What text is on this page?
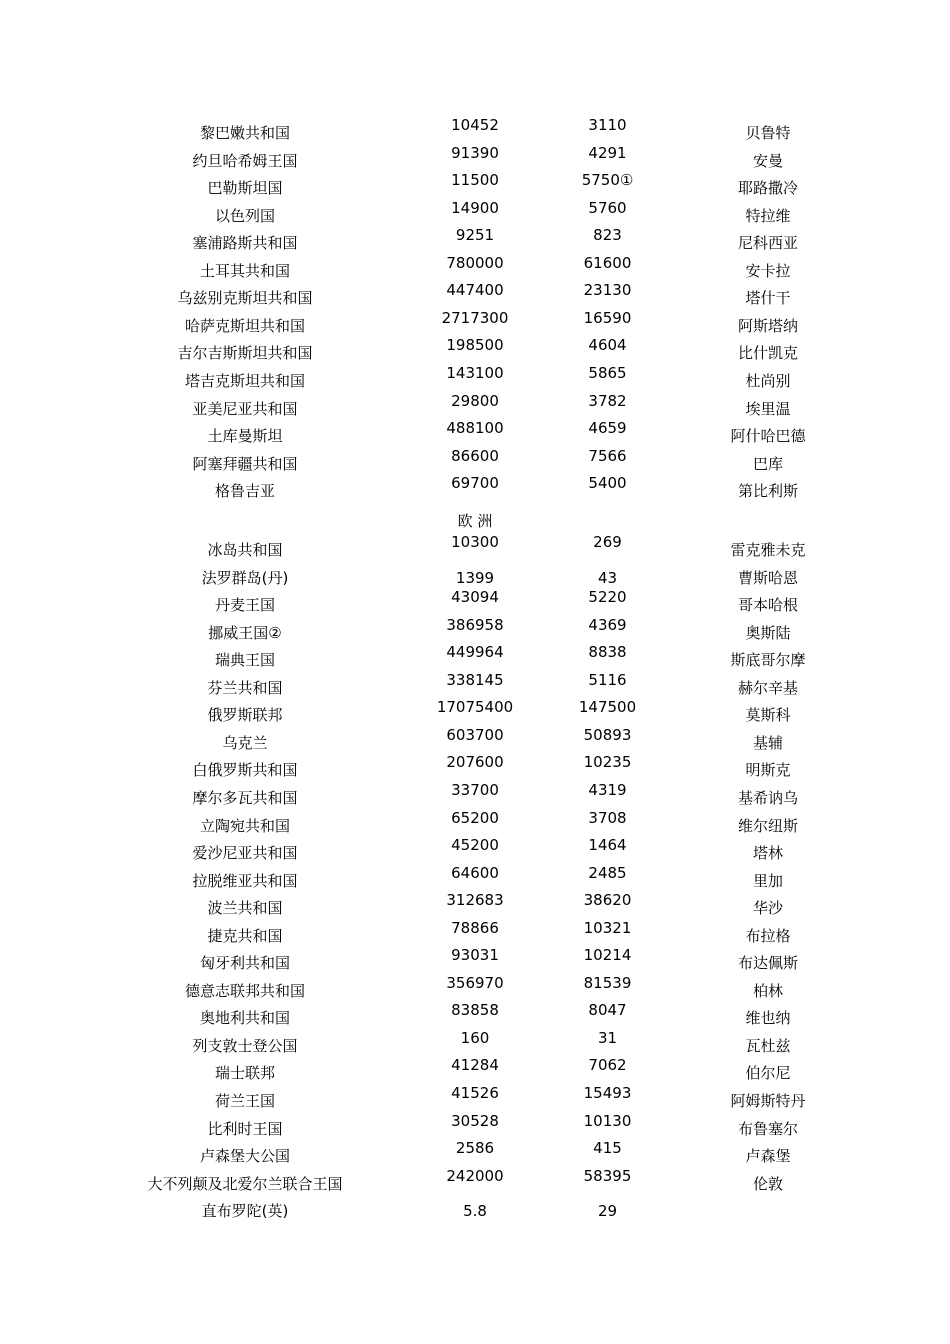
黎巴嫩共和国	10452	3110	贝鲁特
约旦哈希姆王国	91390	4291	安曼
巴勒斯坦国	11500	5750①	耶路撒冷
以色列国	14900	5760	特拉维
塞浦路斯共和国	9251	823	尼科西亚
土耳其共和国	780000	61600	安卡拉
乌兹别克斯坦共和国	447400	23130	塔什干
哈萨克斯坦共和国	2717300	16590	阿斯塔纳
吉尔吉斯斯坦共和国	198500	4604	比什凯克
塔吉克斯坦共和国	143100	5865	杜尚别
亚美尼亚共和国	29800	3782	埃里温
土库曼斯坦	488100	4659	阿什哈巴德
阿塞拜疆共和国	86600	7566	巴库
格鲁吉亚	69700	5400	第比利斯
欧 洲
冰岛共和国	10300	269	雷克雅未克
法罗群岛(丹)	1399	43	曹斯哈恩
丹麦王国	43094	5220	哥本哈根
挪威王国②	386958	4369	奥斯陆
瑞典王国	449964	8838	斯底哥尔摩
芬兰共和国	338145	5116	赫尔辛基
俄罗斯联邦	17075400	147500	莫斯科
乌克兰	603700	50893	基辅
白俄罗斯共和国	207600	10235	明斯克
摩尔多瓦共和国	33700	4319	基希讷乌
立陶宛共和国	65200	3708	维尔纽斯
爱沙尼亚共和国	45200	1464	塔林
拉脱维亚共和国	64600	2485	里加
波兰共和国	312683	38620	华沙
捷克共和国	78866	10321	布拉格
匈牙利共和国	93031	10214	布达佩斯
德意志联邦共和国	356970	81539	柏林
奥地利共和国	83858	8047	维也纳
列支敦士登公国	160	31	瓦杜兹
瑞士联邦	41284	7062	伯尔尼
荷兰王国	41526	15493	阿姆斯特丹
比利时王国	30528	10130	布鲁塞尔
卢森堡大公国	2586	415	卢森堡
大不列颠及北爱尔兰联合王国	242000	58395	伦敦
直布罗陀(英)	5.8	29
